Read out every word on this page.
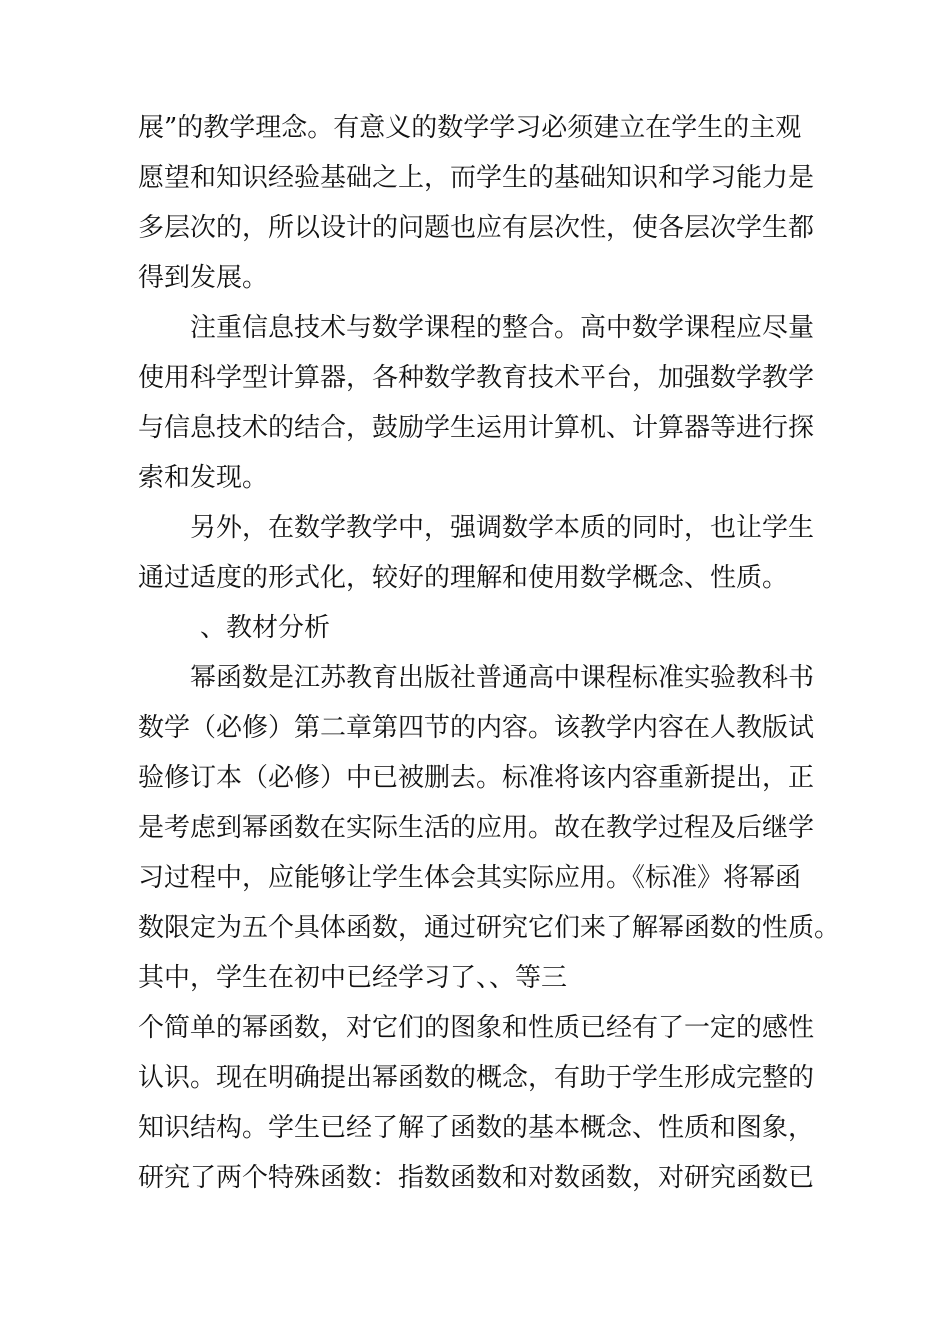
展”的教学理念。有意义的数学学习必须建立在学生的主观
愿望和知识经验基础之上，而学生的基础知识和学习能力是
多层次的，所以设计的问题也应有层次性，使各层次学生都
得到发展。
注重信息技术与数学课程的整合。高中数学课程应尽量
使用科学型计算器，各种数学教育技术平台，加强数学教学
与信息技术的结合，鼓励学生运用计算机、计算器等进行探
索和发现。
另外，在数学教学中，强调数学本质的同时，也让学生
通过适度的形式化，较好的理解和使用数学概念、性质。
、教材分析
幂函数是江苏教育出版社普通高中课程标准实验教科书
数学（必修）第二章第四节的内容。该教学内容在人教版试
验修订本（必修）中已被删去。标准将该内容重新提出，正
是考虑到幂函数在实际生活的应用。故在教学过程及后继学
习过程中，应能够让学生体会其实际应用。《标准》将幂函
数限定为五个具体函数，通过研究它们来了解幂函数的性质。
其中，学生在初中已经学习了、、等三
个简单的幂函数，对它们的图象和性质已经有了一定的感性
认识。现在明确提出幂函数的概念，有助于学生形成完整的
知识结构。学生已经了解了函数的基本概念、性质和图象，
研究了两个特殊函数：指数函数和对数函数，对研究函数已
